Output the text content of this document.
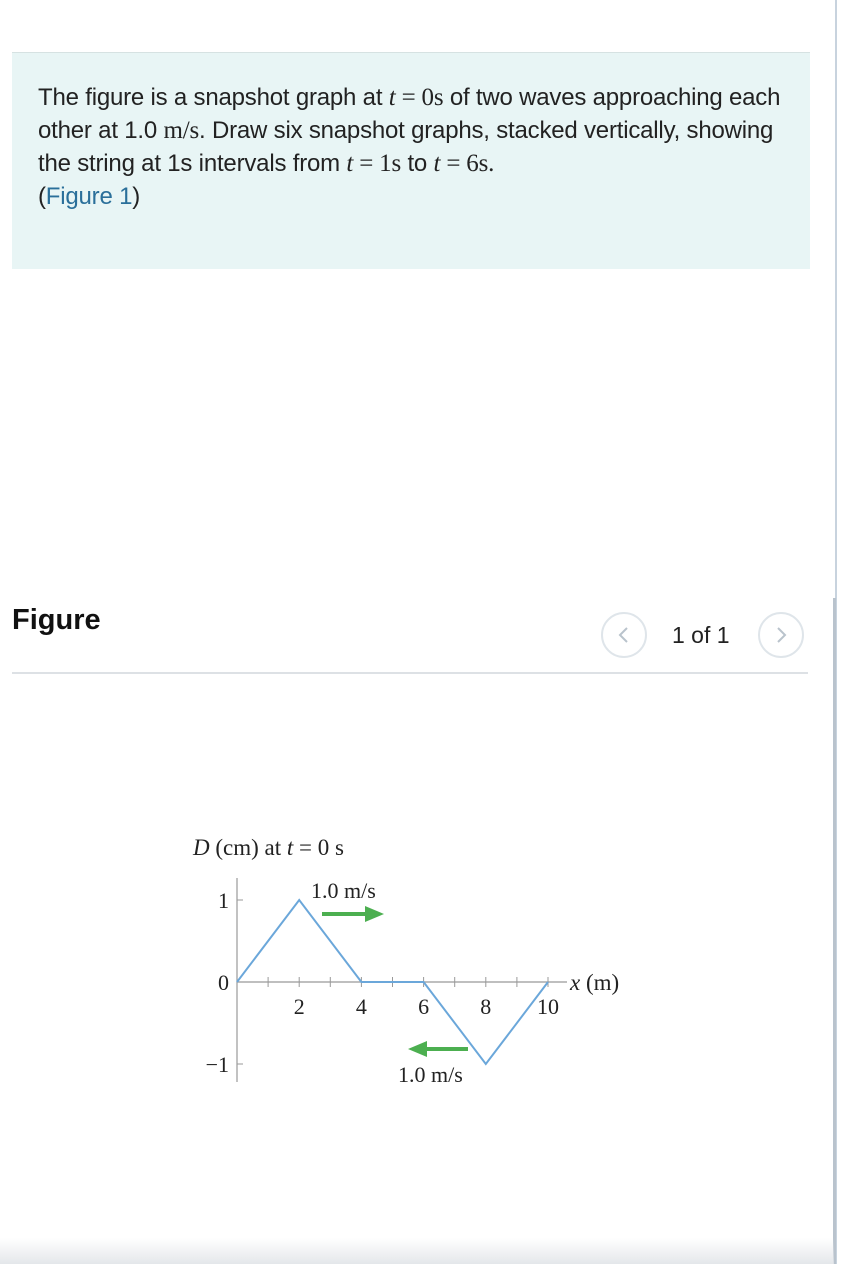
The figure is a snapshot graph at t = 0s of two waves approaching each other at 1.0 m/s. Draw six snapshot graphs, stacked vertically, showing the string at 1s intervals from t = 1s to t = 6s.

(Figure 1)

Figure	1 of 1
D (cm) at t = 0 s
1
0
−1
2 4 6 8 10
x (m)
1.0 m/s
1.0 m/s
